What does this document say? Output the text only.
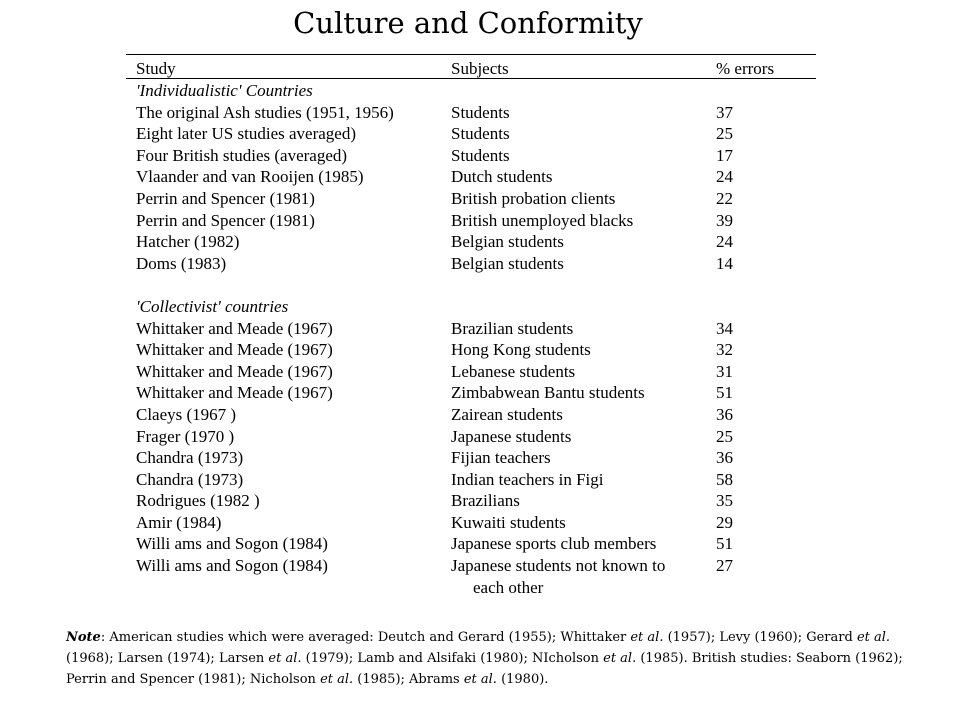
Culture and Conformity
Study	Subjects	% errors
'Individualistic' Countries
The original Ash studies (1951, 1956)	Students	37
Eight later US studies averaged)	Students	25
Four British studies (averaged)	Students	17
Vlaander and van Rooijen (1985)	Dutch students	24
Perrin and Spencer (1981)	British probation clients	22
Perrin and Spencer (1981)	British unemployed blacks	39
Hatcher (1982)	Belgian students	24
Doms (1983)	Belgian students	14
'Collectivist' countries
Whittaker and Meade (1967)	Brazilian students	34
Whittaker and Meade (1967)	Hong Kong students	32
Whittaker and Meade (1967)	Lebanese students	31
Whittaker and Meade (1967)	Zimbabwean Bantu students	51
Claeys (1967 )	Zairean students	36
Frager (1970 )	Japanese students	25
Chandra (1973)	Fijian teachers	36
Chandra (1973)	Indian teachers in Figi	58
Rodrigues (1982 )	Brazilians	35
Amir (1984)	Kuwaiti students	29
Willi ams and Sogon (1984)	Japanese sports club members	51
Willi ams and Sogon (1984)	Japanese students not known to	27
each other
Note: American studies which were averaged: Deutch and Gerard (1955); Whittaker et al. (1957); Levy (1960); Gerard et al. (1968); Larsen (1974); Larsen et al. (1979); Lamb and Alsifaki (1980); NIcholson et al. (1985). British studies: Seaborn (1962); Perrin and Spencer (1981); Nicholson et al. (1985); Abrams et al. (1980).
